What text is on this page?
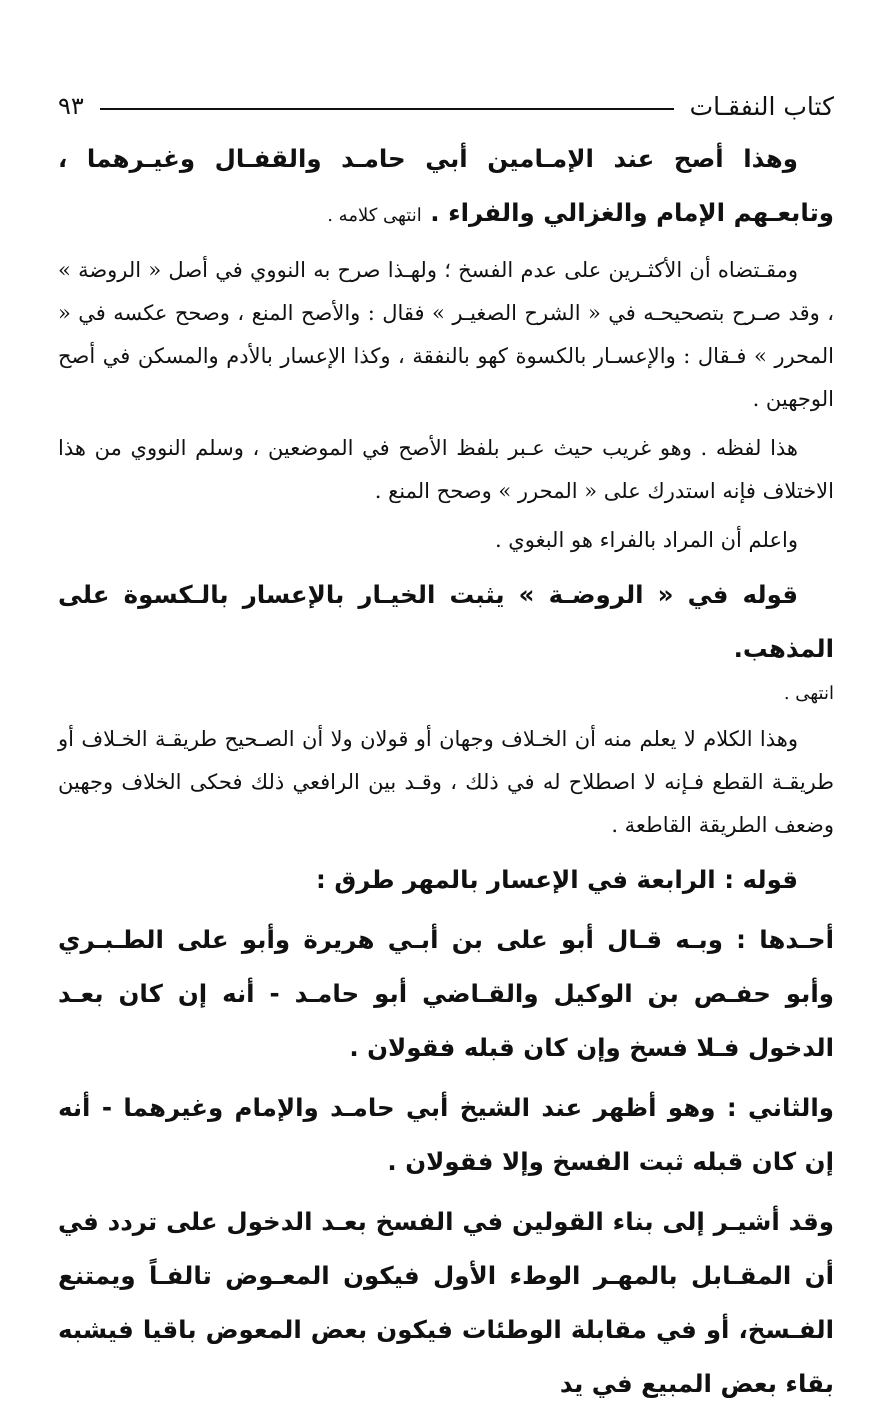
كتاب النفقـات
٩٣

وهذا أصح عند الإمـامين أبي حامـد والقفـال وغيـرهما ، وتابعـهم الإمام والغزالي والفراء . انتهى كلامه .

ومقـتضاه أن الأكثـرين على عدم الفسخ ؛ ولهـذا صرح به النووي في أصل « الروضة » ، وقد صـرح بتصحيحـه في « الشرح الصغيـر » فقال : والأصح المنع ، وصحح عكسه في « المحرر » فـقال : والإعسـار بالكسوة كهو بالنفقة ، وكذا الإعسار بالأدم والمسكن في أصح الوجهين .

هذا لفظه . وهو غريب حيث عـبر بلفظ الأصح في الموضعين ، وسلم النووي من هذا الاختلاف فإنه استدرك على « المحرر » وصحح المنع .

واعلم أن المراد بالفراء هو البغوي .

قوله في « الروضـة » يثبت الخيـار بالإعسار بالـكسوة على المذهب.

انتهى .

وهذا الكلام لا يعلم منه أن الخـلاف وجهان أو قولان ولا أن الصـحيح طريقـة الخـلاف أو طريقـة القطع فـإنه لا اصطلاح له في ذلك ، وقـد بين الرافعي ذلك فحكى الخلاف وجهين وضعف الطريقة القاطعة .

قوله : الرابعة في الإعسار بالمهر طرق :

أحـدها : وبـه قـال أبو على بن أبـي هريرة وأبو على الطـبـري وأبو حفـص بن الوكيل والقـاضي أبو حامـد - أنه إن كان بعـد الدخول فـلا فسخ وإن كان قبله فقولان .

والثاني : وهو أظهر عند الشيخ أبي حامـد والإمام وغيرهما - أنه إن كان قبله ثبت الفسخ وإلا فقولان .

وقد أشيـر إلى بناء القولين في الفسخ بعـد الدخول على تردد في أن المقـابل بالمهـر الوطء الأول فيكون المعـوض تالفـاً ويمتنع الفـسخ، أو في مقابلة الوطئات فيكون بعض المعوض باقيا فيشبه بقاء بعض المبيع في يد
